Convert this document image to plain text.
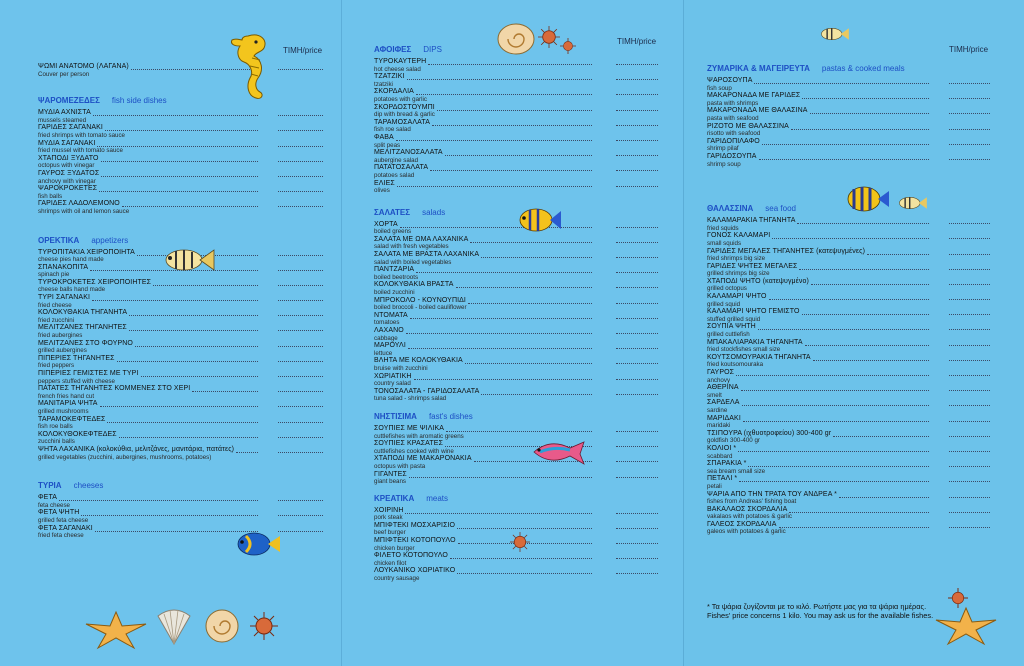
ΤΙΜΗ/price
ΤΙΜΗ/price
ΤΙΜΗ/price
ΨΩΜΙ ΑΝΑΤΟΜΟ (ΛΑΓΑΝΑ)
Couver per person
ΨΑΡΟΜΕΖΕΔΕΣ fish side dishes
ΜΥΔΙΑ ΑΧΝΙΣΤΑ
mussels steamed
ΓΑΡΙΔΕΣ ΣΑΓΑΝΑΚΙ
fried shrimps with tomato sauce
ΜΥΔΙΑ ΣΑΓΑΝΑΚΙ
fried mussel with tomato sauce
ΧΤΑΠΟΔΙ ΞΥΔΑΤΟ
octopus with vinegar
ΓΑΥΡΟΣ ΞΥΔΑΤΟΣ
anchovy with vinegar
ΨΑΡΟΚΡΟΚΕΤΕΣ
fish balls
ΓΑΡΙΔΕΣ ΛΑΔΟΛΕΜΟΝΟ
shrimps with oil and lemon sauce
ΟΡΕΚΤΙΚΑ appetizers
ΤΥΡΟΠΙΤΑΚΙΑ ΧΕΙΡΟΠΟΙΗΤΑ
cheese pies hand made
ΣΠΑΝΑΚΟΠΙΤΑ
spinach pie
ΤΥΡΟΚΡΟΚΕΤΕΣ ΧΕΙΡΟΠΟΙΗΤΕΣ
cheese balls hand made
ΤΥΡΙ ΣΑΓΑΝΑΚΙ
fried cheese
ΚΟΛΟΚΥΘΑΚΙΑ ΤΗΓΑΝΗΤΑ
fried zucchini
ΜΕΛΙΤΖΑΝΕΣ ΤΗΓΑΝΗΤΕΣ
fried aubergines
ΜΕΛΙΤΖΑΝΕΣ ΣΤΟ ΦΟΥΡΝΟ
grilled aubergines
ΠΙΠΕΡΙΕΣ ΤΗΓΑΝΗΤΕΣ
fried peppers
ΠΙΠΕΡΙΕΣ ΓΕΜΙΣΤΕΣ ΜΕ ΤΥΡΙ
peppers stuffed with cheese
ΠΑΤΑΤΕΣ ΤΗΓΑΝΗΤΕΣ ΚΟΜΜΕΝΕΣ ΣΤΟ ΧΕΡΙ
french fries hand cut
ΜΑΝΙΤΑΡΙΑ ΨΗΤΑ
grilled mushrooms
ΤΑΡΑΜΟΚΕΦΤΕΔΕΣ
fish roe balls
ΚΟΛΟΚΥΘΟΚΕΦΤΕΔΕΣ
zucchini balls
ΨΗΤΑ ΛΑΧΑΝΙΚΑ (κολοκύθια, μελιτζάνες, μανιτάρια, πατάτες)
grilled vegetables (zucchini, aubergines, mushrooms, potatoes)
ΤΥΡΙΑ cheeses
ΦΕΤΑ
feta cheese
ΦΕΤΑ ΨΗΤΗ
grilled feta cheese
ΦΕΤΑ ΣΑΓΑΝΑΚΙ
fried feta cheese
ΑΦΟΙΦΕΣ DIPS
ΤΥΡΟΚΑΥΤΕΡΗ
hot cheese salad
ΤΖΑΤΖΙΚΙ
tzatziki
ΣΚΟΡΔΑΛΙΑ
potatoes with garlic
ΣΚΟΡΔΟΣΤΟΥΜΠΙ
dip with bread & garlic
ΤΑΡΑΜΟΣΑΛΑΤΑ
fish roe salad
ΦΑΒΑ
split peas
ΜΕΛΙΤΖΑΝΟΣΑΛΑΤΑ
aubergine salad
ΠΑΤΑΤΟΣΑΛΑΤΑ
potatoes salad
ΕΛΙΕΣ
olives
ΣΑΛΑΤΕΣ salads
ΧΟΡΤΑ
boiled greens
ΣΑΛΑΤΑ ΜΕ ΩΜΑ ΛΑΧΑΝΙΚΑ
salad with fresh vegetables
ΣΑΛΑΤΑ ΜΕ ΒΡΑΣΤΑ ΛΑΧΑΝΙΚΑ
salad with boiled vegetables
ΠΑΝΤΖΑΡΙΑ
boiled beetroots
ΚΟΛΟΚΥΘΑΚΙΑ ΒΡΑΣΤΑ
boiled zucchini
ΜΠΡΟΚΟΛΟ - ΚΟΥΝΟΥΠΙΔΙ
boiled broccoli - boiled cauliflower
ΝΤΟΜΑΤΑ
tomatoes
ΛΑΧΑΝΟ
cabbage
ΜΑΡΟΥΛΙ
lettuce
ΒΛΗΤΑ ΜΕ ΚΟΛΟΚΥΘΑΚΙΑ
bruise with zucchini
ΧΩΡΙΑΤΙΚΗ
country salad
ΤΟΝΟΣΑΛΑΤΑ - ΓΑΡΙΔΟΣΑΛΑΤΑ
tuna salad - shrimps salad
ΝΗΣΤΙΣΙΜΑ fast's dishes
ΣΟΥΠΙΕΣ ΜΕ ΨΙΛΙΚΑ
cuttlefishes with aromatic greens
ΣΟΥΠΙΕΣ ΚΡΑΣΑΤΕΣ
cuttlefishes cooked with wine
ΧΤΑΠΟΔΙ ΜΕ ΜΑΚΑΡΟΝΑΚΙΑ
octopus with pasta
ΓΙΓΑΝΤΕΣ
giant beans
ΚΡΕΑΤΙΚΑ meats
ΧΟΙΡΙΝΗ
pork steak
ΜΠΙΦΤΕΚΙ ΜΟΣΧΑΡΙΣΙΟ
beef burger
ΜΠΙΦΤΕΚΙ ΚΟΤΟΠΟΥΛΟ
chicken burger
ΦΙΛΕΤΟ ΚΟΤΟΠΟΥΛΟ
chicken filot
ΛΟΥΚΑΝΙΚΟ ΧΩΡΙΑΤΙΚΟ
country sausage
ΖΥΜΑΡΙΚΑ & ΜΑΓΕΙΡΕΥΤΑ pastas & cooked meals
ΨΑΡΟΣΟΥΠΑ
fish soup
ΜΑΚΑΡΟΝΑΔΑ ΜΕ ΓΑΡΙΔΕΣ
pasta with shrimps
ΜΑΚΑΡΟΝΑΔΑ ΜΕ ΘΑΛΑΣΙΝΑ
pasta with seafood
ΡΙΖΟΤΟ ΜΕ ΘΑΛΑΣΣΙΝΑ
risotto with seafood
ΓΑΡΙΔΟΠΙΛΑΦΟ
shrimp pilaf
ΓΑΡΙΔΟΣΟΥΠΑ
shrimp soup
ΘΑΛΑΣΣΙΝΑ sea food
ΚΑΛΑΜΑΡΑΚΙΑ ΤΗΓΑΝΗΤΑ
fried squids
ΓΟΝΟΣ ΚΑΛΑΜΑΡΙ
small squids
ΓΑΡΙΔΕΣ ΜΕΓΑΛΕΣ ΤΗΓΑΝΗΤΕΣ (κατεψυγμένες)
fried shrimps big size
ΓΑΡΙΔΕΣ ΨΗΤΕΣ ΜΕΓΑΛΕΣ
grilled shrimps big size
ΧΤΑΠΟΔΙ ΨΗΤΟ (κατεψυγμένο)
grilled octopus
ΚΑΛΑΜΑΡΙ ΨΗΤΟ
grilled squid
ΚΑΛΑΜΑΡΙ ΨΗΤΟ ΓΕΜΙΣΤΟ
stuffed grilled squid
ΣΟΥΠΙΑ ΨΗΤΗ
grilled cuttlefish
ΜΠΑΚΑΛΙΑΡΑΚΙΑ ΤΗΓΑΝΗΤΑ
fried stockfishes small size
ΚΟΥΤΣΟΜΟΥΡΑΚΙΑ ΤΗΓΑΝΗΤΑ
fried koutsomouraka
ΓΑΥΡΟΣ
anchovy
ΑΘΕΡΙΝΑ
smelt
ΣΑΡΔΕΛΑ
sardine
ΜΑΡΙΔΑΚΙ
maridaki
ΤΣΙΠΟΥΡΑ (ιχθυοτροφείου) 300-400 gr
goldfish 300-400 gr
ΚΟΛΙΟΙ *
scabbard
ΣΠΑΡΑΚΙΑ *
sea bream small size
ΠΕΤΑΛΙ *
petali
ΨΑΡΙΑ ΑΠΟ ΤΗΝ ΤΡΑΤΑ ΤΟΥ ΑΝΔΡΕΑ *
fishes from Andreas' fishing boat
ΒΑΚΑΛΑΟΣ ΣΚΟΡΔΑΛΙΑ
vakalaos with potatoes & garlic
ΓΑΛΕΟΣ ΣΚΟΡΔΑΛΙΑ
galeos with potatoes & garlic
* Τα ψάρια ζυγίζονται με το κιλό. Ρωτήστε μας για τα ψάρια ημέρας.
Fishes' price concerns 1 kilo. You may ask us for the available fishes.
